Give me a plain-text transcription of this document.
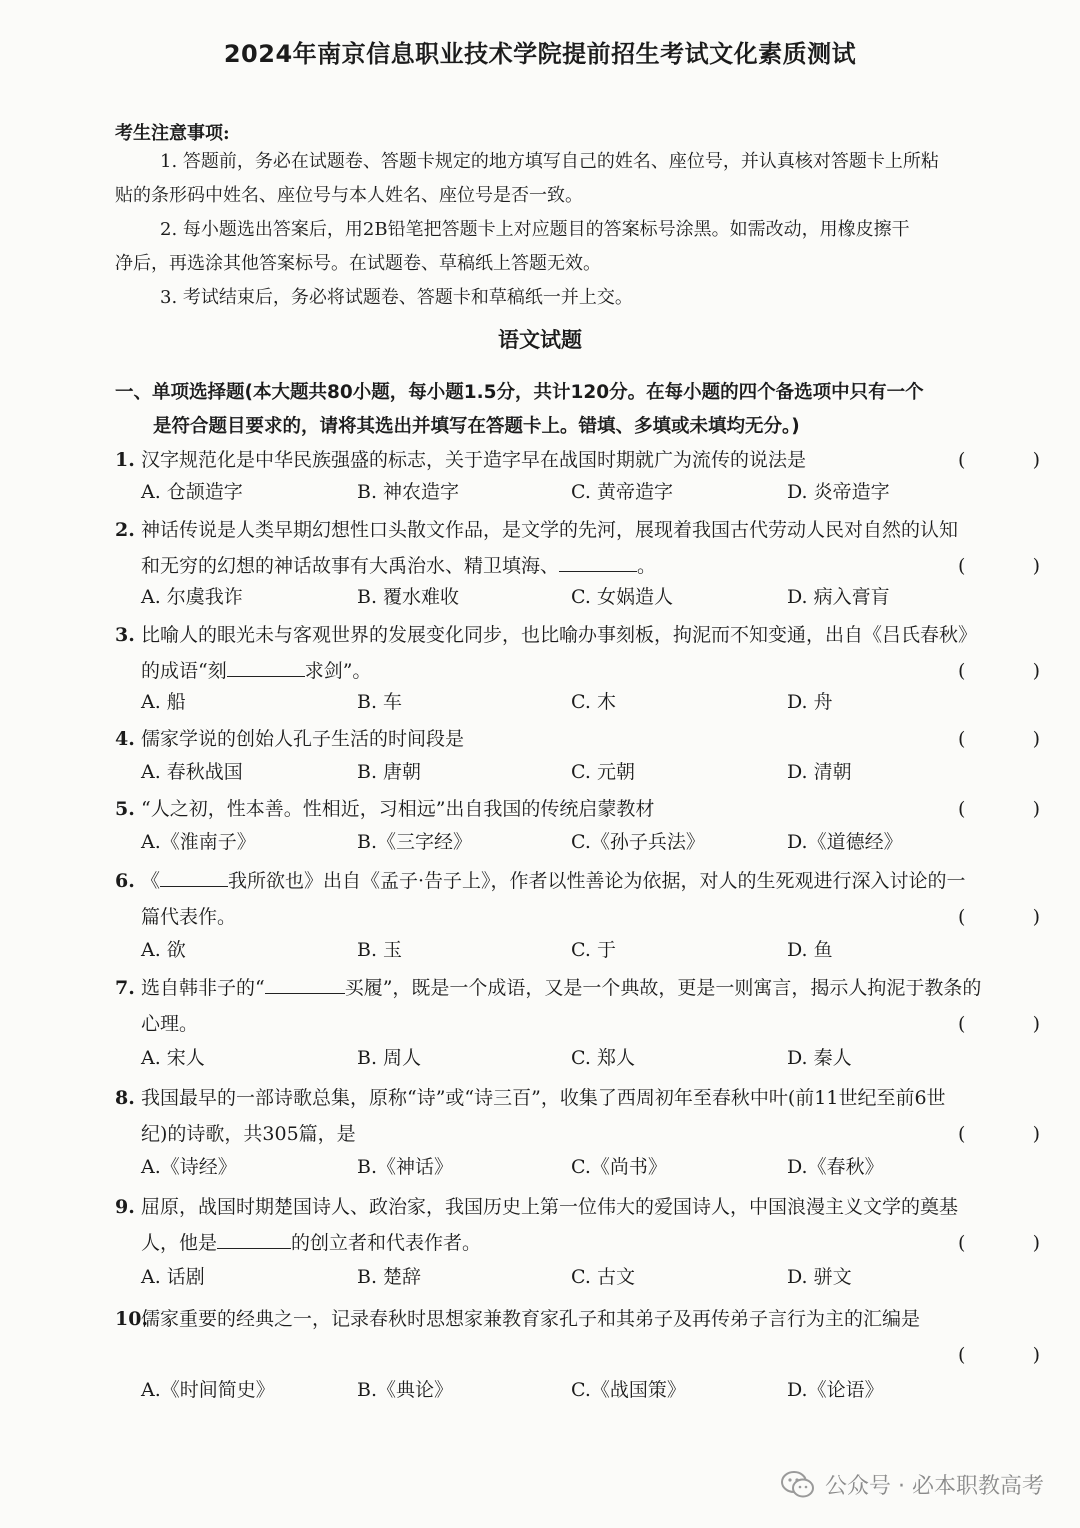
2024年南京信息职业技术学院提前招生考试文化素质测试
考生注意事项:
1. 答题前，务必在试题卷、答题卡规定的地方填写自己的姓名、座位号，并认真核对答题卡上所粘
贴的条形码中姓名、座位号与本人姓名、座位号是否一致。
2. 每小题选出答案后，用2B铅笔把答题卡上对应题目的答案标号涂黑。如需改动，用橡皮擦干
净后，再选涂其他答案标号。在试题卷、草稿纸上答题无效。
3. 考试结束后，务必将试题卷、答题卡和草稿纸一并上交。
语文试题
一、单项选择题(本大题共80小题，每小题1.5分，共计120分。在每小题的四个备选项中只有一个
是符合题目要求的，请将其选出并填写在答题卡上。错填、多填或未填均无分。)
1. 汉字规范化是中华民族强盛的标志，关于造字早在战国时期就广为流传的说法是	(	)
A. 仓颉造字	B. 神农造字	C. 黄帝造字	D. 炎帝造字
2. 神话传说是人类早期幻想性口头散文作品，是文学的先河，展现着我国古代劳动人民对自然的认知
和无穷的幻想的神话故事有大禹治水、精卫填海、	。	(	)
A. 尔虞我诈	B. 覆水难收	C. 女娲造人	D. 病入膏肓
3. 比喻人的眼光未与客观世界的发展变化同步，也比喻办事刻板，拘泥而不知变通，出自《吕氏春秋》
的成语“刻	求剑”。	(	)
A. 船	B. 车	C. 木	D. 舟
4. 儒家学说的创始人孔子生活的时间段是	(	)
A. 春秋战国	B. 唐朝	C. 元朝	D. 清朝
5. “人之初，性本善。性相近，习相远”出自我国的传统启蒙教材	(	)
A.《淮南子》	B.《三字经》	C.《孙子兵法》	D.《道德经》
6. 《	我所欲也》出自《孟子·告子上》，作者以性善论为依据，对人的生死观进行深入讨论的一
篇代表作。	(	)
A. 欲	B. 玉	C. 于	D. 鱼
7. 选自韩非子的“	买履”，既是一个成语，又是一个典故，更是一则寓言，揭示人拘泥于教条的
心理。	(	)
A. 宋人	B. 周人	C. 郑人	D. 秦人
8. 我国最早的一部诗歌总集，原称“诗”或“诗三百”，收集了西周初年至春秋中叶(前11世纪至前6世
纪)的诗歌，共305篇，是	(	)
A.《诗经》	B.《神话》	C.《尚书》	D.《春秋》
9. 屈原，战国时期楚国诗人、政治家，我国历史上第一位伟大的爱国诗人，中国浪漫主义文学的奠基
人，他是	的创立者和代表作者。	(	)
A. 话剧	B. 楚辞	C. 古文	D. 骈文
10.儒家重要的经典之一，记录春秋时思想家兼教育家孔子和其弟子及再传弟子言行为主的汇编是
(	)
A.《时间简史》	B.《典论》	C.《战国策》	D.《论语》
公众号 · 必本职教高考
